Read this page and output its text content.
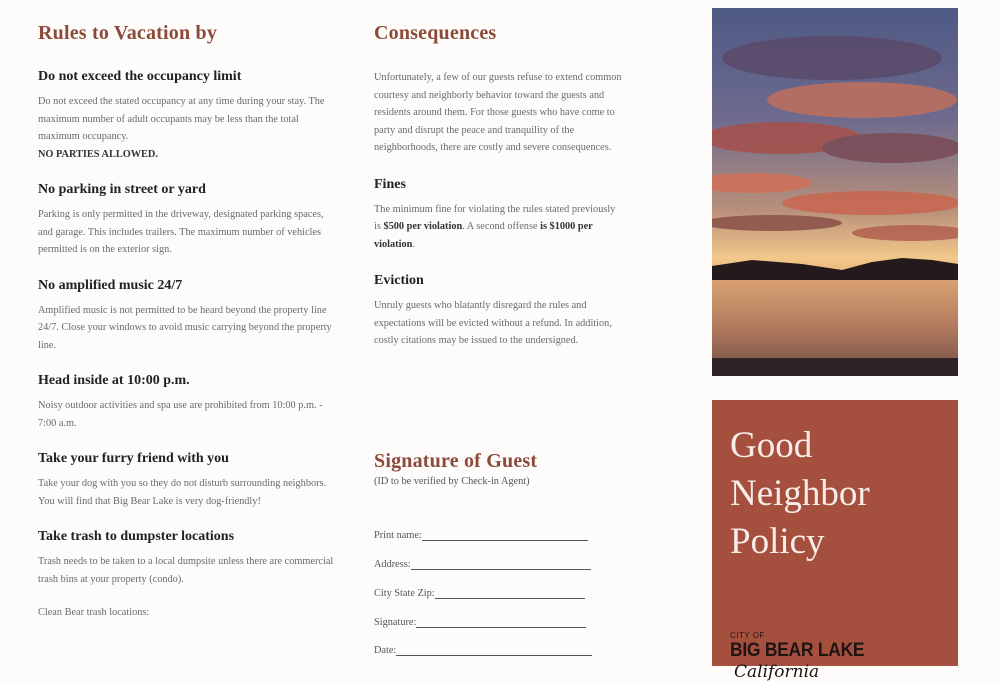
Rules to Vacation by
Do not exceed the occupancy limit

Do not exceed the stated occupancy at any time during your stay. The maximum number of adult occupants may be less than the total maximum occupancy.
NO PARTIES ALLOWED.

No parking in street or yard

Parking is only permitted in the driveway, designated parking spaces, and garage. This includes trailers. The maximum number of vehicles permitted is on the exterior sign.

No amplified music 24/7

Amplified music is not permitted to be heard beyond the property line 24/7. Close your windows to avoid music carrying beyond the property line.

Head inside at 10:00 p.m.

Noisy outdoor activities and spa use are prohibited from 10:00 p.m. - 7:00 a.m.

Take your furry friend with you

Take your dog with you so they do not disturb surrounding neighbors. You will find that Big Bear Lake is very dog-friendly!

Take trash to dumpster locations

Trash needs to be taken to a local dumpsite unless there are commercial trash bins at your property (condo).

Clean Bear trash locations:

Consequences

Unfortunately, a few of our guests refuse to extend common courtesy and neighborly behavior toward the guests and residents around them. For those guests who have come to party and disrupt the peace and tranquility of the neighborhoods, there are costly and severe consequences.

Fines

The minimum fine for violating the rules stated previously is $500 per violation. A second offense is $1000 per violation.

Eviction

Unruly guests who blatantly disregard the rules and expectations will be evicted without a refund. In addition, costly citations may be issued to the undersigned.

Signature of Guest
(ID to be verified by Check-in Agent)
Print name:
Address:
City State Zip:
Signature:
Date:
Good
Neighbor
Policy
CITY OF
BIG BEAR LAKECalifornia
